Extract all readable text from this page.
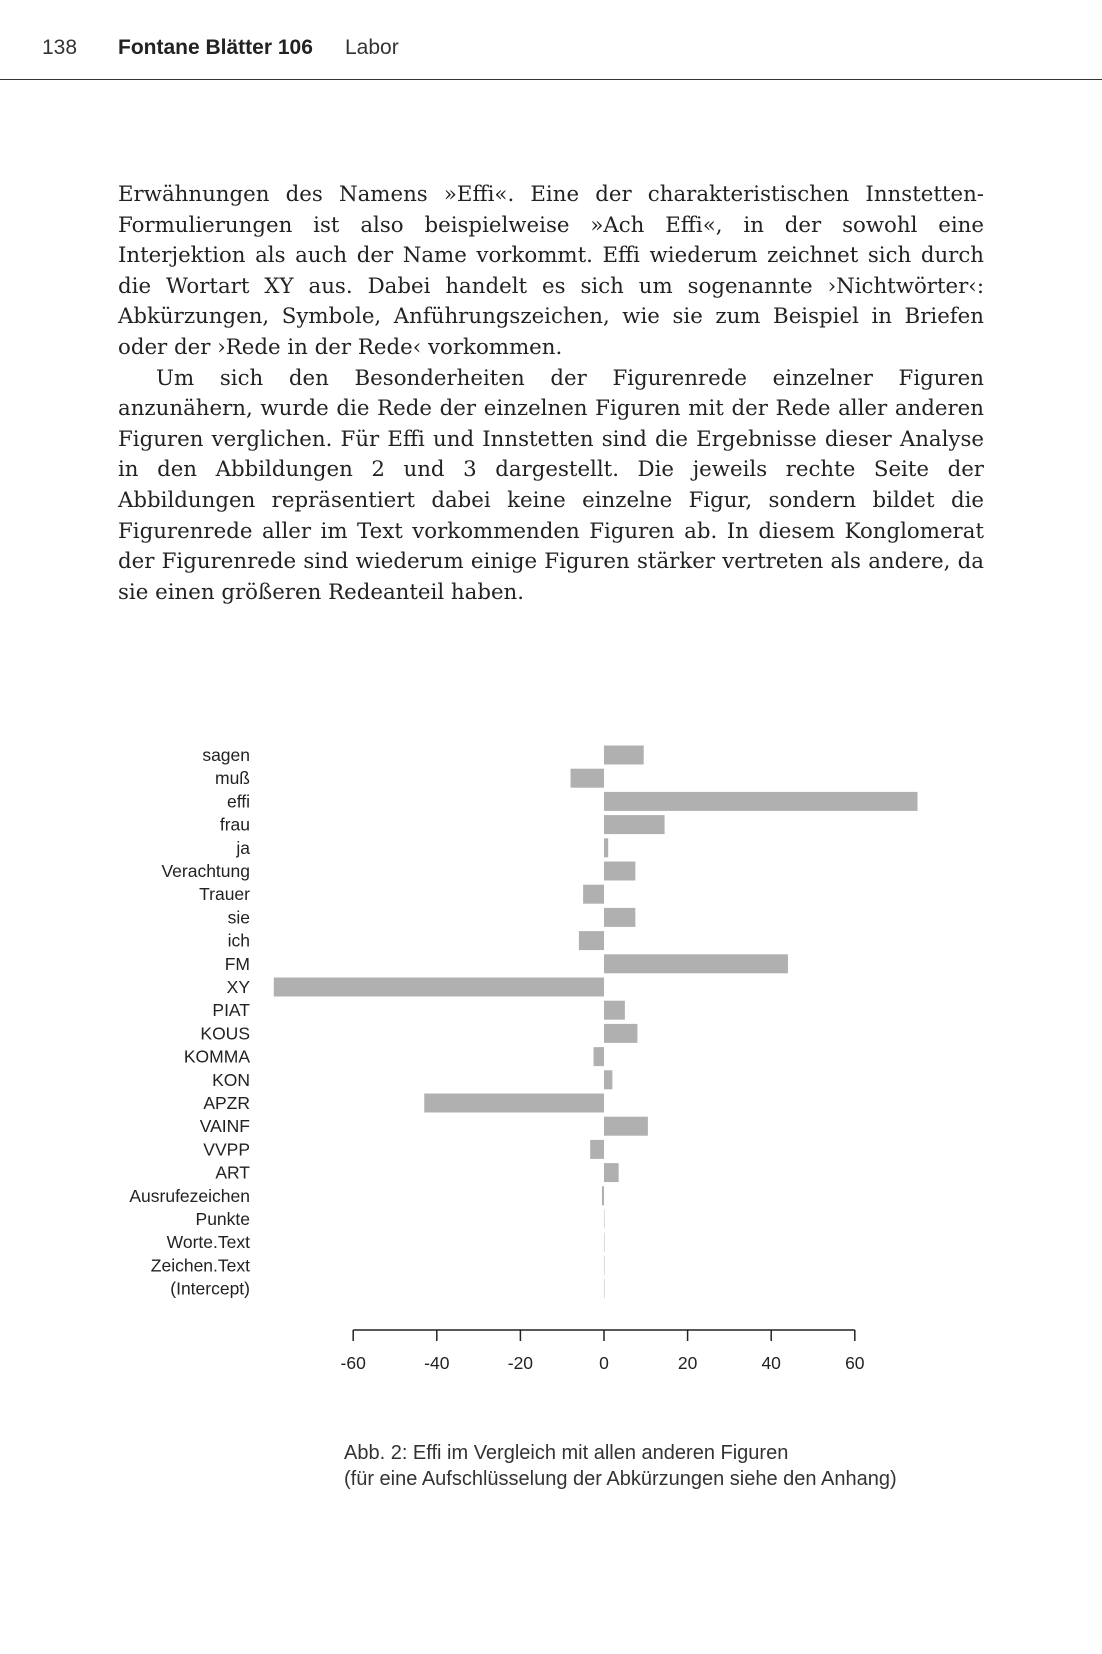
138 Fontane Blätter 106 Labor

Erwähnungen des Namens »Effi«. Eine der charakteristischen Innstetten-Formulierungen ist also beispielweise »Ach Effi«, in der sowohl eine Interjektion als auch der Name vorkommt. Effi wiederum zeichnet sich durch die Wortart XY aus. Dabei handelt es sich um sogenannte ›Nichtwörter‹: Abkürzungen, Symbole, Anführungszeichen, wie sie zum Beispiel in Briefen oder der ›Rede in der Rede‹ vorkommen.

Um sich den Besonderheiten der Figurenrede einzelner Figuren anzunähern, wurde die Rede der einzelnen Figuren mit der Rede aller anderen Figuren verglichen. Für Effi und Innstetten sind die Ergebnisse dieser Analyse in den Abbildungen 2 und 3 dargestellt. Die jeweils rechte Seite der Abbildungen repräsentiert dabei keine einzelne Figur, sondern bildet die Figurenrede aller im Text vorkommenden Figuren ab. In diesem Konglomerat der Figurenrede sind wiederum einige Figuren stärker vertreten als andere, da sie einen größeren Redeanteil haben.

sagen
muß
effi
frau
ja
Verachtung
Trauer
sie
ich
FM
XY
PIAT
KOUS
KOMMA
KON
APZR
VAINF
VVPP
ART
Ausrufezeichen
Punkte
Worte.Text
Zeichen.Text
(Intercept)
-60	-40	-20	0	20	40	60
Abb. 2: Effi im Vergleich mit allen anderen Figuren
(für eine Aufschlüsselung der Abkürzungen siehe den Anhang)
